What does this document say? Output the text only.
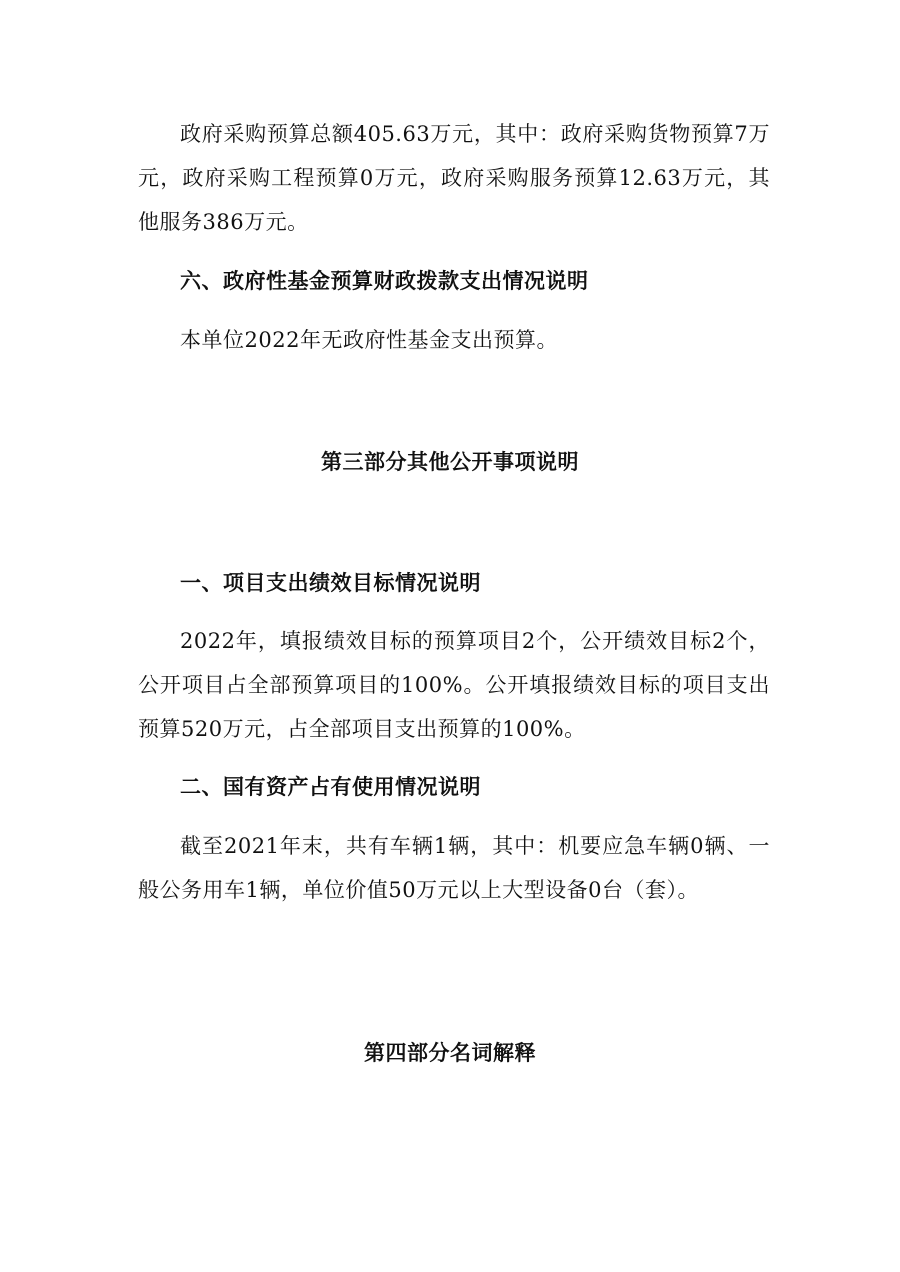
政府采购预算总额405.63万元，其中：政府采购货物预算7万元，政府采购工程预算0万元，政府采购服务预算12.63万元，其他服务386万元。

六、政府性基金预算财政拨款支出情况说明

本单位2022年无政府性基金支出预算。

第三部分其他公开事项说明
一、项目支出绩效目标情况说明

2022年，填报绩效目标的预算项目2个，公开绩效目标2个，公开项目占全部预算项目的100%。公开填报绩效目标的项目支出预算520万元，占全部项目支出预算的100%。

二、国有资产占有使用情况说明

截至2021年末，共有车辆1辆，其中：机要应急车辆0辆、一般公务用车1辆，单位价值50万元以上大型设备0台（套）。

第四部分名词解释
